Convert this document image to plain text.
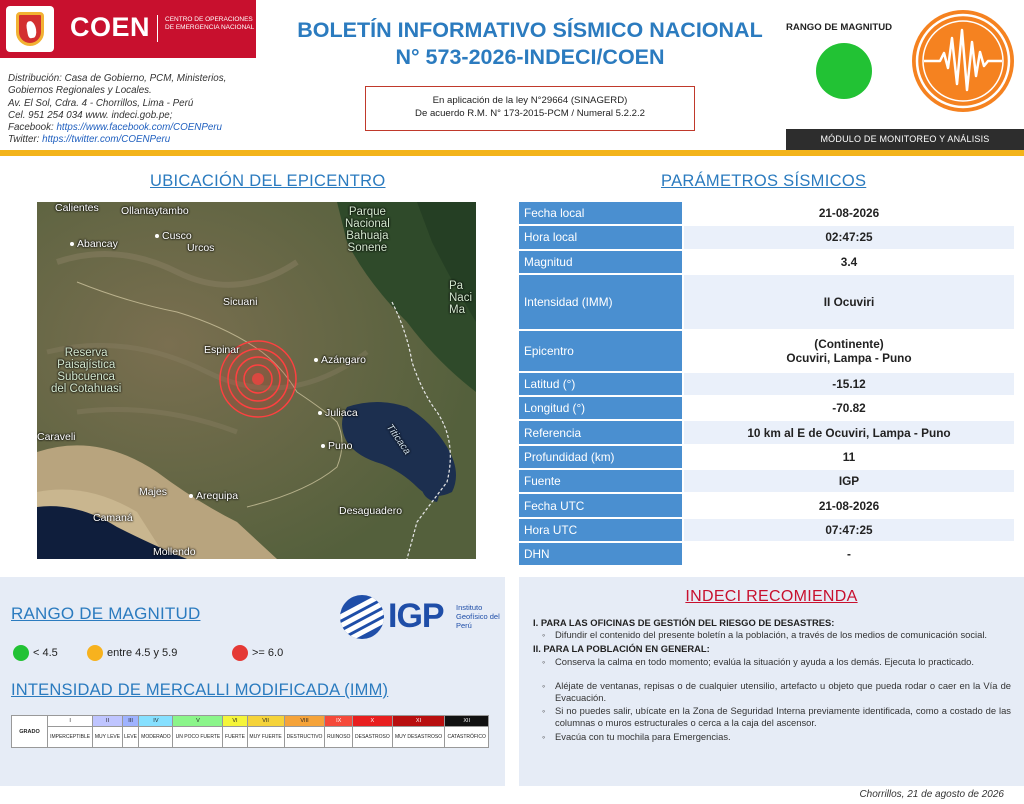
COEN CENTRO DE OPERACIONES DE EMERGENCIA NACIONAL
Distribución: Casa de Gobierno, PCM, Ministerios,
Gobiernos Regionales y Locales.
Av. El Sol, Cdra. 4 - Chorrillos, Lima - Perú
Cel. 951 254 034 www. indeci.gob.pe;
Facebook: https://www.facebook.com/COENPeru
Twitter: https://twitter.com/COENPeru
BOLETÍN INFORMATIVO SÍSMICO NACIONAL
N° 573-2026-INDECI/COEN
En aplicación de la ley N°29664 (SINAGERD)
De acuerdo R.M. N° 173-2015-PCM / Numeral 5.2.2.2
RANGO DE MAGNITUD
MÓDULO DE MONITOREO Y ANÁLISIS
UBICACIÓN DEL EPICENTRO
Calientes Ollantaytambo
Abancay
Cusco
Urcos
Parque
Nacional
Bahuaja
Sonene
Pa
Naci
Ma
Sicuani
Reserva
Paisajística
Subcuenca
del Cotahuasi
Espinar
Azángaro
Juliaca
Puno	Titicaca
Caraveli
Majes	Arequipa
Camaná
Desaguadero
Mollendo
PARÁMETROS SÍSMICOS
Fecha local	21-08-2026
Hora local	02:47:25
Magnitud	3.4
Intensidad (IMM)	II Ocuviri
Epicentro	(Continente)
Ocuviri, Lampa - Puno

Latitud (°)	-15.12
Longitud (°)	-70.82
Referencia	10 km al E de Ocuviri, Lampa - Puno
Profundidad (km)	11
Fuente	IGP
Fecha UTC	21-08-2026
Hora UTC	07:47:25
DHN	-
RANGO DE MAGNITUD	IGP Instituto Geofísico del Perú
< 4.5	entre 4.5 y 5.9	>= 6.0
INTENSIDAD DE MERCALLI MODIFICADA (IMM)
GRADO	I	II	III	IV	V	VI	VII	VIII	IX	X	XI	XII
	IMPERCEPTIBLE	MUY LEVE	LEVE	MODERADO	UN POCO FUERTE	FUERTE	MUY FUERTE	DESTRUCTIVO	RUINOSO	DESASTROSO	MUY DESASTROSO	CATASTRÓFICO
INDECI RECOMIENDA
I. PARA LAS OFICINAS DE GESTIÓN DEL RIESGO DE DESASTRES:
◦ Difundir el contenido del presente boletín a la población, a través de los medios de comunicación social.
II. PARA LA POBLACIÓN EN GENERAL:
◦ Conserva la calma en todo momento; evalúa la situación y ayuda a los demás. Ejecuta lo practicado.
◦ Aléjate de ventanas, repisas o de cualquier utensilio, artefacto u objeto que pueda rodar o caer en la Vía de Evacuación.
◦ Si no puedes salir, ubícate en la Zona de Seguridad Interna previamente identificada, como a costado de las columnas o muros estructurales o cerca a la caja del ascensor.
◦ Evacúa con tu mochila para Emergencias.
Chorrillos, 21 de agosto de 2026
